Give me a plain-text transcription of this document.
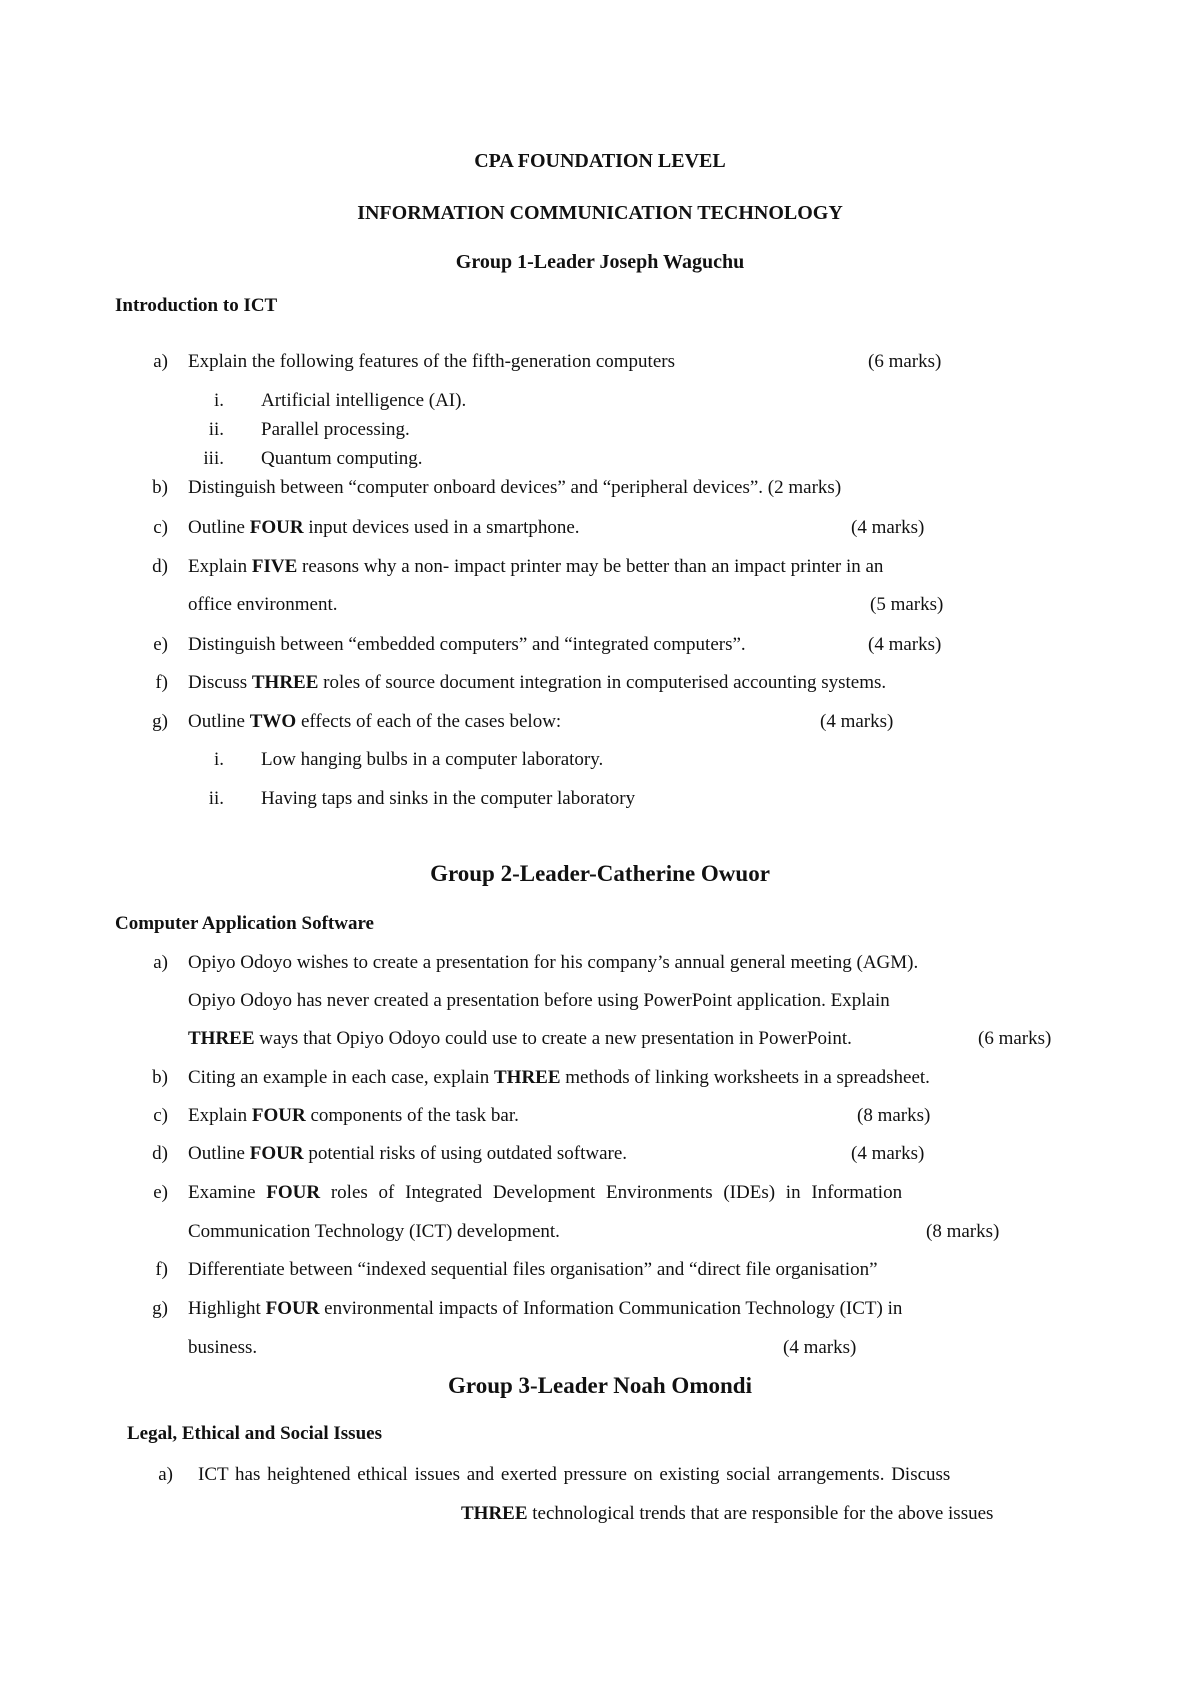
CPA FOUNDATION LEVEL
INFORMATION COMMUNICATION TECHNOLOGY
Group 1-Leader Joseph Waguchu
Introduction to ICT
a) Explain the following features of the fifth-generation computers	(6 marks)
i. Artificial intelligence (AI).
ii. Parallel processing.
iii. Quantum computing.
b) Distinguish between “computer onboard devices” and “peripheral devices”. (2 marks)
c) Outline FOUR input devices used in a smartphone.	(4 marks)
d) Explain FIVE reasons why a non- impact printer may be better than an impact printer in an
office environment.	(5 marks)
e) Distinguish between “embedded computers” and “integrated computers”.	(4 marks)
f) Discuss THREE roles of source document integration in computerised accounting systems.
g) Outline TWO effects of each of the cases below:	(4 marks)
i. Low hanging bulbs in a computer laboratory.
ii. Having taps and sinks in the computer laboratory
Group 2-Leader-Catherine Owuor
Computer Application Software
a) Opiyo Odoyo wishes to create a presentation for his company’s annual general meeting (AGM).
Opiyo Odoyo has never created a presentation before using PowerPoint application. Explain
THREE ways that Opiyo Odoyo could use to create a new presentation in PowerPoint.	(6 marks)
b) Citing an example in each case, explain THREE methods of linking worksheets in a spreadsheet.
c) Explain FOUR components of the task bar.	(8 marks)
d) Outline FOUR potential risks of using outdated software.	(4 marks)
e) Examine FOUR roles of Integrated Development Environments (IDEs) in Information
Communication Technology (ICT) development.	(8 marks)
f) Differentiate between “indexed sequential files organisation” and “direct file organisation”
g) Highlight FOUR environmental impacts of Information Communication Technology (ICT) in
business.	(4 marks)
Group 3-Leader Noah Omondi
Legal, Ethical and Social Issues
a) ICT has heightened ethical issues and exerted pressure on existing social arrangements. Discuss
THREE technological trends that are responsible for the above issues
